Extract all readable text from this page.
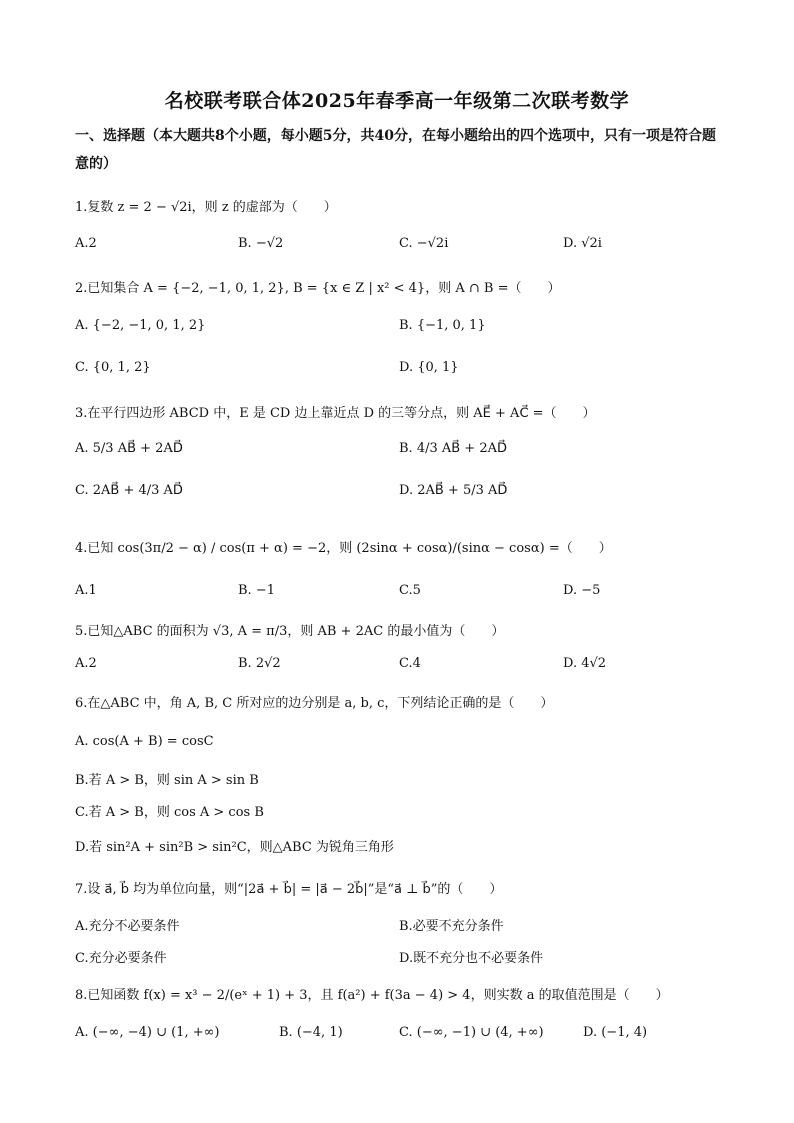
名校联考联合体2025年春季高一年级第二次联考数学
一、选择题（本大题共8个小题，每小题5分，共40分，在每小题给出的四个选项中，只有一项是符合题意的）
1.复数 z = 2 − √2i，则 z 的虚部为（　　）
A.2	B. −√2	C. −√2i	D. √2i
2.已知集合 A = {−2, −1, 0, 1, 2}, B = {x ∈ Z | x² < 4}，则 A ∩ B =（　　）
A. {−2, −1, 0, 1, 2}	B. {−1, 0, 1}
C. {0, 1, 2}	D. {0, 1}
3.在平行四边形 ABCD 中，E 是 CD 边上靠近点 D 的三等分点，则 AE⃗ + AC⃗ =（　　）
A. 5/3 AB⃗ + 2AD⃗	B. 4/3 AB⃗ + 2AD⃗
C. 2AB⃗ + 4/3 AD⃗	D. 2AB⃗ + 5/3 AD⃗
4.已知 cos(3π/2 − α) / cos(π + α) = −2，则 (2sinα + cosα)/(sinα − cosα) =（　　）
A.1	B. −1	C.5	D. −5
5.已知△ABC 的面积为 √3, A = π/3，则 AB + 2AC 的最小值为（　　）
A.2	B. 2√2	C.4	D. 4√2
6.在△ABC 中，角 A, B, C 所对应的边分别是 a, b, c，下列结论正确的是（　　）
A. cos(A + B) = cosC
B.若 A > B，则 sin A > sin B
C.若 A > B，则 cos A > cos B
D.若 sin²A + sin²B > sin²C，则△ABC 为锐角三角形
7.设 a⃗, b⃗ 均为单位向量，则“|2a⃗ + b⃗| = |a⃗ − 2b⃗|”是“a⃗ ⊥ b⃗”的（　　）
A.充分不必要条件	B.必要不充分条件
C.充分必要条件	D.既不充分也不必要条件
8.已知函数 f(x) = x³ − 2/(eˣ + 1) + 3，且 f(a²) + f(3a − 4) > 4，则实数 a 的取值范围是（　　）
A. (−∞, −4) ∪ (1, +∞)	B. (−4, 1)	C. (−∞, −1) ∪ (4, +∞)	D. (−1, 4)
